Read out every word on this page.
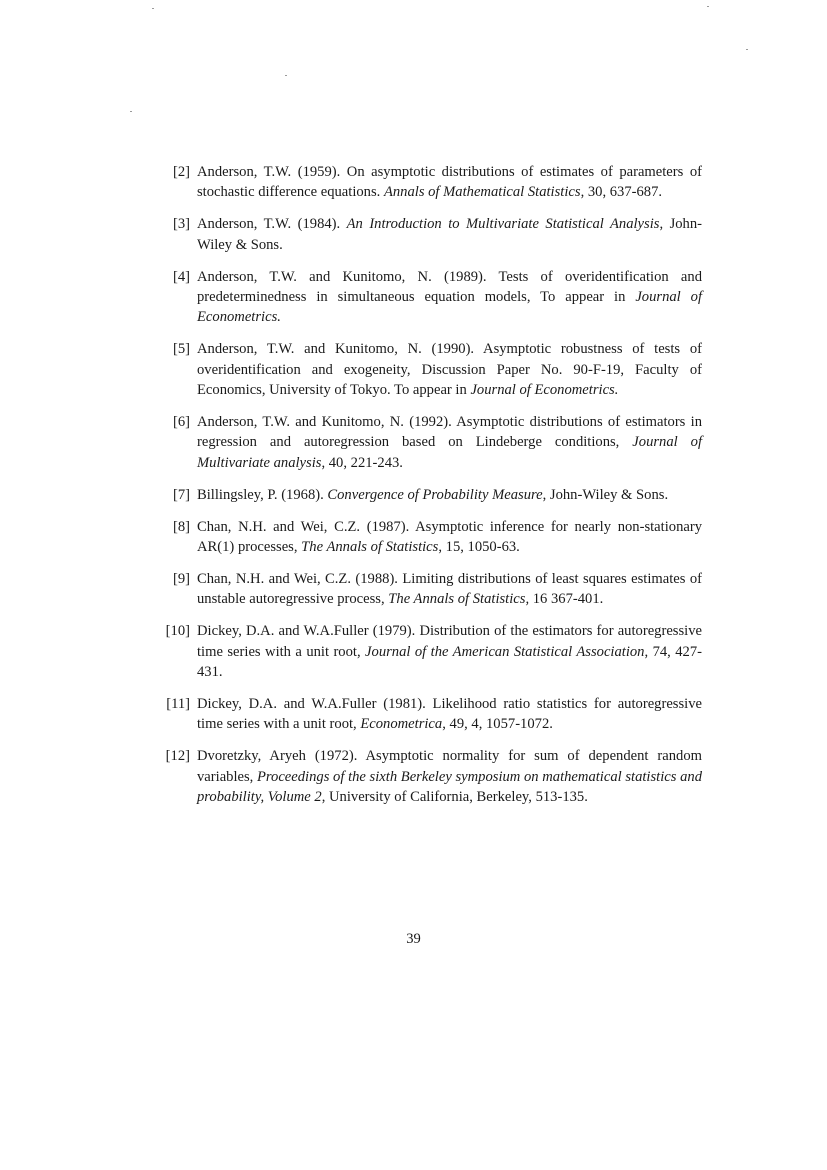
[2] Anderson, T.W. (1959). On asymptotic distributions of estimates of parameters of stochastic difference equations. Annals of Mathematical Statistics, 30, 637-687.
[3] Anderson, T.W. (1984). An Introduction to Multivariate Statistical Analysis, John-Wiley & Sons.
[4] Anderson, T.W. and Kunitomo, N. (1989). Tests of overidentification and predeterminedness in simultaneous equation models, To appear in Journal of Econometrics.
[5] Anderson, T.W. and Kunitomo, N. (1990). Asymptotic robustness of tests of overidentification and exogeneity, Discussion Paper No. 90-F-19, Faculty of Economics, University of Tokyo. To appear in Journal of Econometrics.
[6] Anderson, T.W. and Kunitomo, N. (1992). Asymptotic distributions of estimators in regression and autoregression based on Lindeberge conditions, Journal of Multivariate analysis, 40, 221-243.
[7] Billingsley, P. (1968). Convergence of Probability Measure, John-Wiley & Sons.
[8] Chan, N.H. and Wei, C.Z. (1987). Asymptotic inference for nearly non-stationary AR(1) processes, The Annals of Statistics, 15, 1050-63.
[9] Chan, N.H. and Wei, C.Z. (1988). Limiting distributions of least squares estimates of unstable autoregressive process, The Annals of Statistics, 16 367-401.
[10] Dickey, D.A. and W.A.Fuller (1979). Distribution of the estimators for autoregressive time series with a unit root, Journal of the American Statistical Association, 74, 427-431.
[11] Dickey, D.A. and W.A.Fuller (1981). Likelihood ratio statistics for autoregressive time series with a unit root, Econometrica, 49, 4, 1057-1072.
[12] Dvoretzky, Aryeh (1972). Asymptotic normality for sum of dependent random variables, Proceedings of the sixth Berkeley symposium on mathematical statistics and probability, Volume 2, University of California, Berkeley, 513-135.
39
